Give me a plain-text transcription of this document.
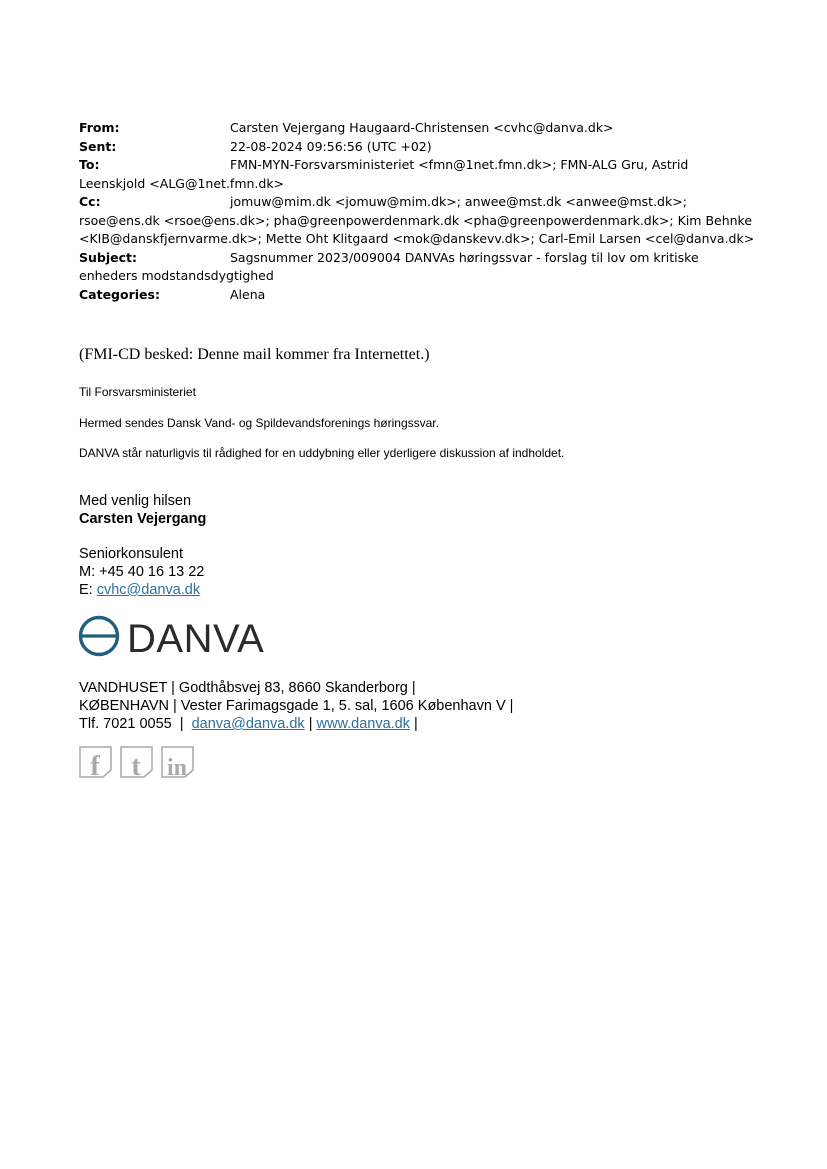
From:	Carsten Vejergang Haugaard-Christensen <cvhc@danva.dk>
Sent:	22-08-2024 09:56:56 (UTC +02)
To:	FMN-MYN-Forsvarsministeriet <fmn@1net.fmn.dk>; FMN-ALG Gru, Astrid
Leenskjold <ALG@1net.fmn.dk>
Cc:	jomuw@mim.dk <jomuw@mim.dk>; anwee@mst.dk <anwee@mst.dk>;
rsoe@ens.dk <rsoe@ens.dk>; pha@greenpowerdenmark.dk <pha@greenpowerdenmark.dk>; Kim Behnke
<KIB@danskfjernvarme.dk>; Mette Oht Klitgaard <mok@danskevv.dk>; Carl-Emil Larsen <cel@danva.dk>
Subject:	Sagsnummer 2023/009004 DANVAs høringssvar - forslag til lov om kritiske
enheders modstandsdygtighed
Categories:	Alena
(FMI-CD besked: Denne mail kommer fra Internettet.)
Til Forsvarsministeriet
Hermed sendes Dansk Vand- og Spildevandsforenings høringssvar.
DANVA står naturligvis til rådighed for en uddybning eller yderligere diskussion af indholdet.
Med venlig hilsen
Carsten Vejergang
Seniorkonsulent
M: +45 40 16 13 22
E: cvhc@danva.dk
DANVA
VANDHUSET | Godthåbsvej 83, 8660 Skanderborg |
KØBENHAVN | Vester Farimagsgade 1, 5. sal, 1606 København V |
Tlf. 7021 0055  |  danva@danva.dk | www.danva.dk |
f t in
